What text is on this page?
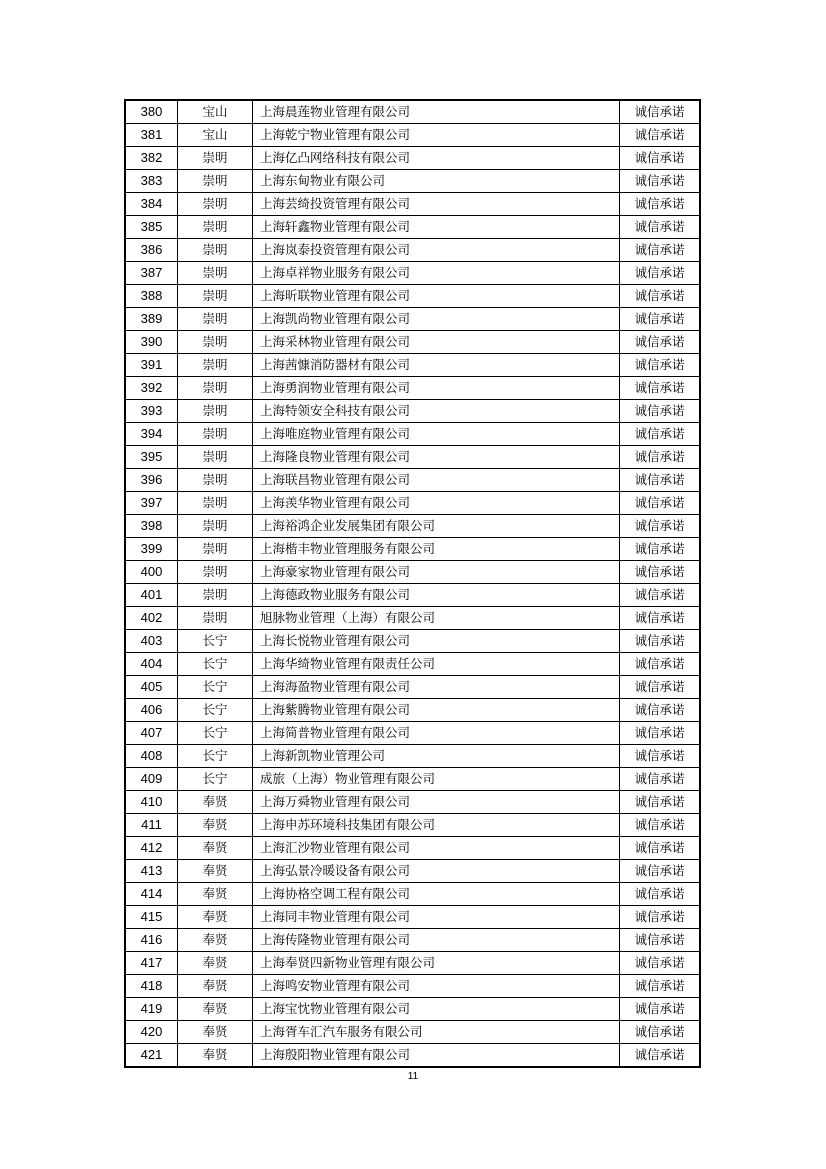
380	宝山	上海晨莲物业管理有限公司	诚信承诺
381	宝山	上海乾宁物业管理有限公司	诚信承诺
382	崇明	上海亿凸网络科技有限公司	诚信承诺
383	崇明	上海东甸物业有限公司	诚信承诺
384	崇明	上海芸绮投资管理有限公司	诚信承诺
385	崇明	上海轩鑫物业管理有限公司	诚信承诺
386	崇明	上海岚泰投资管理有限公司	诚信承诺
387	崇明	上海卓祥物业服务有限公司	诚信承诺
388	崇明	上海昕联物业管理有限公司	诚信承诺
389	崇明	上海凯尚物业管理有限公司	诚信承诺
390	崇明	上海采林物业管理有限公司	诚信承诺
391	崇明	上海茜慷消防器材有限公司	诚信承诺
392	崇明	上海勇润物业管理有限公司	诚信承诺
393	崇明	上海特领安全科技有限公司	诚信承诺
394	崇明	上海唯庭物业管理有限公司	诚信承诺
395	崇明	上海隆良物业管理有限公司	诚信承诺
396	崇明	上海联昌物业管理有限公司	诚信承诺
397	崇明	上海羡华物业管理有限公司	诚信承诺
398	崇明	上海裕鸿企业发展集团有限公司	诚信承诺
399	崇明	上海楷丰物业管理服务有限公司	诚信承诺
400	崇明	上海豪家物业管理有限公司	诚信承诺
401	崇明	上海德政物业服务有限公司	诚信承诺
402	崇明	旭脉物业管理（上海）有限公司	诚信承诺
403	长宁	上海长悦物业管理有限公司	诚信承诺
404	长宁	上海华绮物业管理有限责任公司	诚信承诺
405	长宁	上海海盈物业管理有限公司	诚信承诺
406	长宁	上海紫腾物业管理有限公司	诚信承诺
407	长宁	上海简普物业管理有限公司	诚信承诺
408	长宁	上海新凯物业管理公司	诚信承诺
409	长宁	成旅（上海）物业管理有限公司	诚信承诺
410	奉贤	上海万舜物业管理有限公司	诚信承诺
411	奉贤	上海申苏环境科技集团有限公司	诚信承诺
412	奉贤	上海汇沙物业管理有限公司	诚信承诺
413	奉贤	上海弘景冷暖设备有限公司	诚信承诺
414	奉贤	上海协格空调工程有限公司	诚信承诺
415	奉贤	上海同丰物业管理有限公司	诚信承诺
416	奉贤	上海传隆物业管理有限公司	诚信承诺
417	奉贤	上海奉贤四新物业管理有限公司	诚信承诺
418	奉贤	上海鸣安物业管理有限公司	诚信承诺
419	奉贤	上海宝忱物业管理有限公司	诚信承诺
420	奉贤	上海胥车汇汽车服务有限公司	诚信承诺
421	奉贤	上海殷阳物业管理有限公司	诚信承诺
11
